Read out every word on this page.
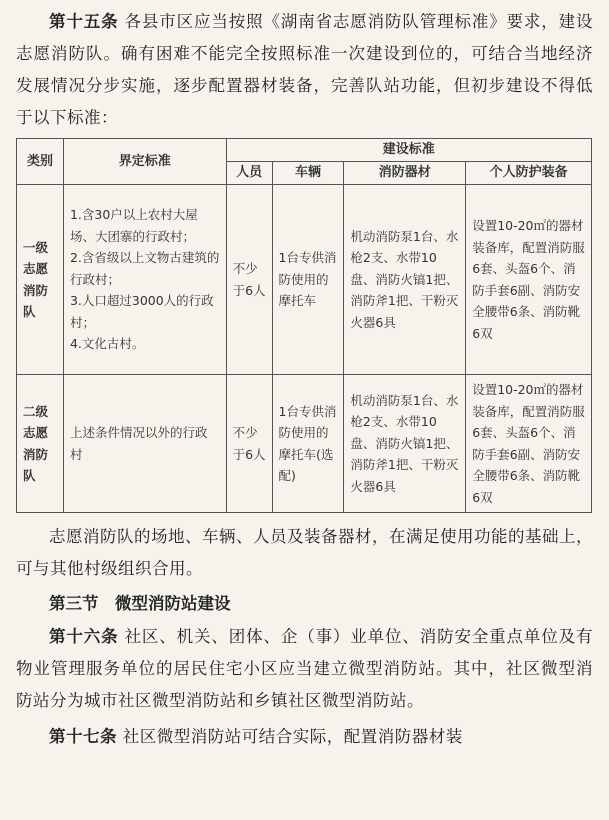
第十五条 各县市区应当按照《湖南省志愿消防队管理标准》要求，建设志愿消防队。确有困难不能完全按照标准一次建设到位的，可结合当地经济发展情况分步实施，逐步配置器材装备，完善队站功能，但初步建设不得低于以下标准：

类别	界定标准	建设标准			
		人员	车辆	消防器材	个人防护装备
一级志愿消防队	1.含30户以上农村大屋场、大团寨的行政村；
2.含省级以上文物古建筑的行政村；
3.人口超过3000人的行政村；
4.文化古村。	不少于6人	1台专供消防使用的摩托车	机动消防泵1台、水枪2支、水带10盘、消防火镐1把、消防斧1把、干粉灭火器6具	设置10-20㎡的器材装备库，配置消防服6套、头盔6个、消防手套6副、消防安全腰带6条、消防靴6双
二级志愿消防队	上述条件情况以外的行政村	不少于6人	1台专供消防使用的摩托车(选配)	机动消防泵1台、水枪2支、水带10盘、消防火镐1把、消防斧1把、干粉灭火器6具	设置10-20㎡的器材装备库，配置消防服6套、头盔6个、消防手套6副、消防安全腰带6条、消防靴6双

志愿消防队的场地、车辆、人员及装备器材，在满足使用功能的基础上，可与其他村级组织合用。

第三节　微型消防站建设

第十六条 社区、机关、团体、企（事）业单位、消防安全重点单位及有物业管理服务单位的居民住宅小区应当建立微型消防站。其中，社区微型消防站分为城市社区微型消防站和乡镇社区微型消防站。

第十七条 社区微型消防站可结合实际，配置消防器材装
